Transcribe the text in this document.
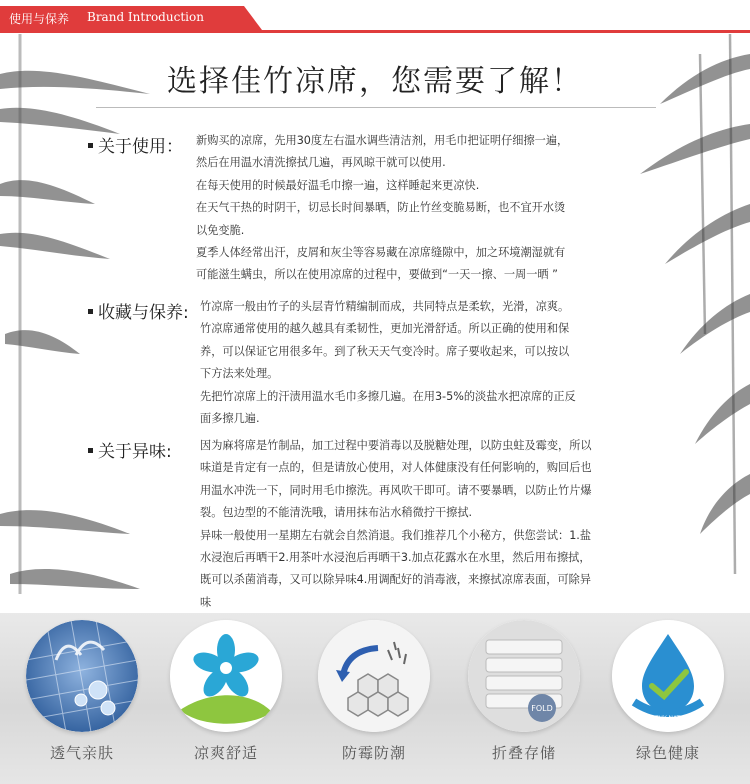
使用与保养 Brand Introduction
选择佳竹凉席，您需要了解！
关于使用： 新购买的凉席，先用30度左右温水调些清洁剂，用毛巾把证明仔细擦一遍，

然后在用温水清洗擦拭几遍，再风晾干就可以使用.

在每天使用的时候最好温毛巾擦一遍，这样睡起来更凉快.

在天气干热的时阴干，切忌长时间暴晒，防止竹丝变脆易断，也不宜开水烫

以免变脆.

夏季人体经常出汗，皮屑和灰尘等容易藏在凉席缝隙中，加之环境潮湿就有

可能滋生螨虫，所以在使用凉席的过程中，要做到“一天一擦、一周一晒 ”

收藏与保养: 竹凉席一般由竹子的头层青竹精编制而成，共同特点是柔软，光滑，凉爽。

竹凉席通常使用的越久越具有柔韧性，更加光滑舒适。所以正确的使用和保

养，可以保证它用很多年。到了秋天天气变冷时。席子要收起来，可以按以

下方法来处理。

先把竹凉席上的汗渍用温水毛巾多擦几遍。在用3-5%的淡盐水把凉席的正反

面多擦几遍.

关于异味:	因为麻将席是竹制品，加工过程中要消毒以及脱糖处理，以防虫蛀及霉变，所以

味道是肯定有一点的，但是请放心使用，对人体健康没有任何影响的，购回后也

用温水冲洗一下，同时用毛巾擦洗。再风吹干即可。请不要暴晒，以防止竹片爆

裂。包边型的不能清洗哦，请用抹布沾水稍微拧干擦拭.

异味一般使用一星期左右就会自然消退。我们推荐几个小秘方，供您尝试：1.盐

水浸泡后再晒干2.用茶叶水浸泡后再晒干3.加点花露水在水里，然后用布擦拭，

既可以杀菌消毒，又可以除异味4.用调配好的消毒液，来擦拭凉席表面，可除异

味

透气亲肤	凉爽舒适	防霉防潮
FOLD
折叠存储
HEALTHY NATURAL
绿色健康
